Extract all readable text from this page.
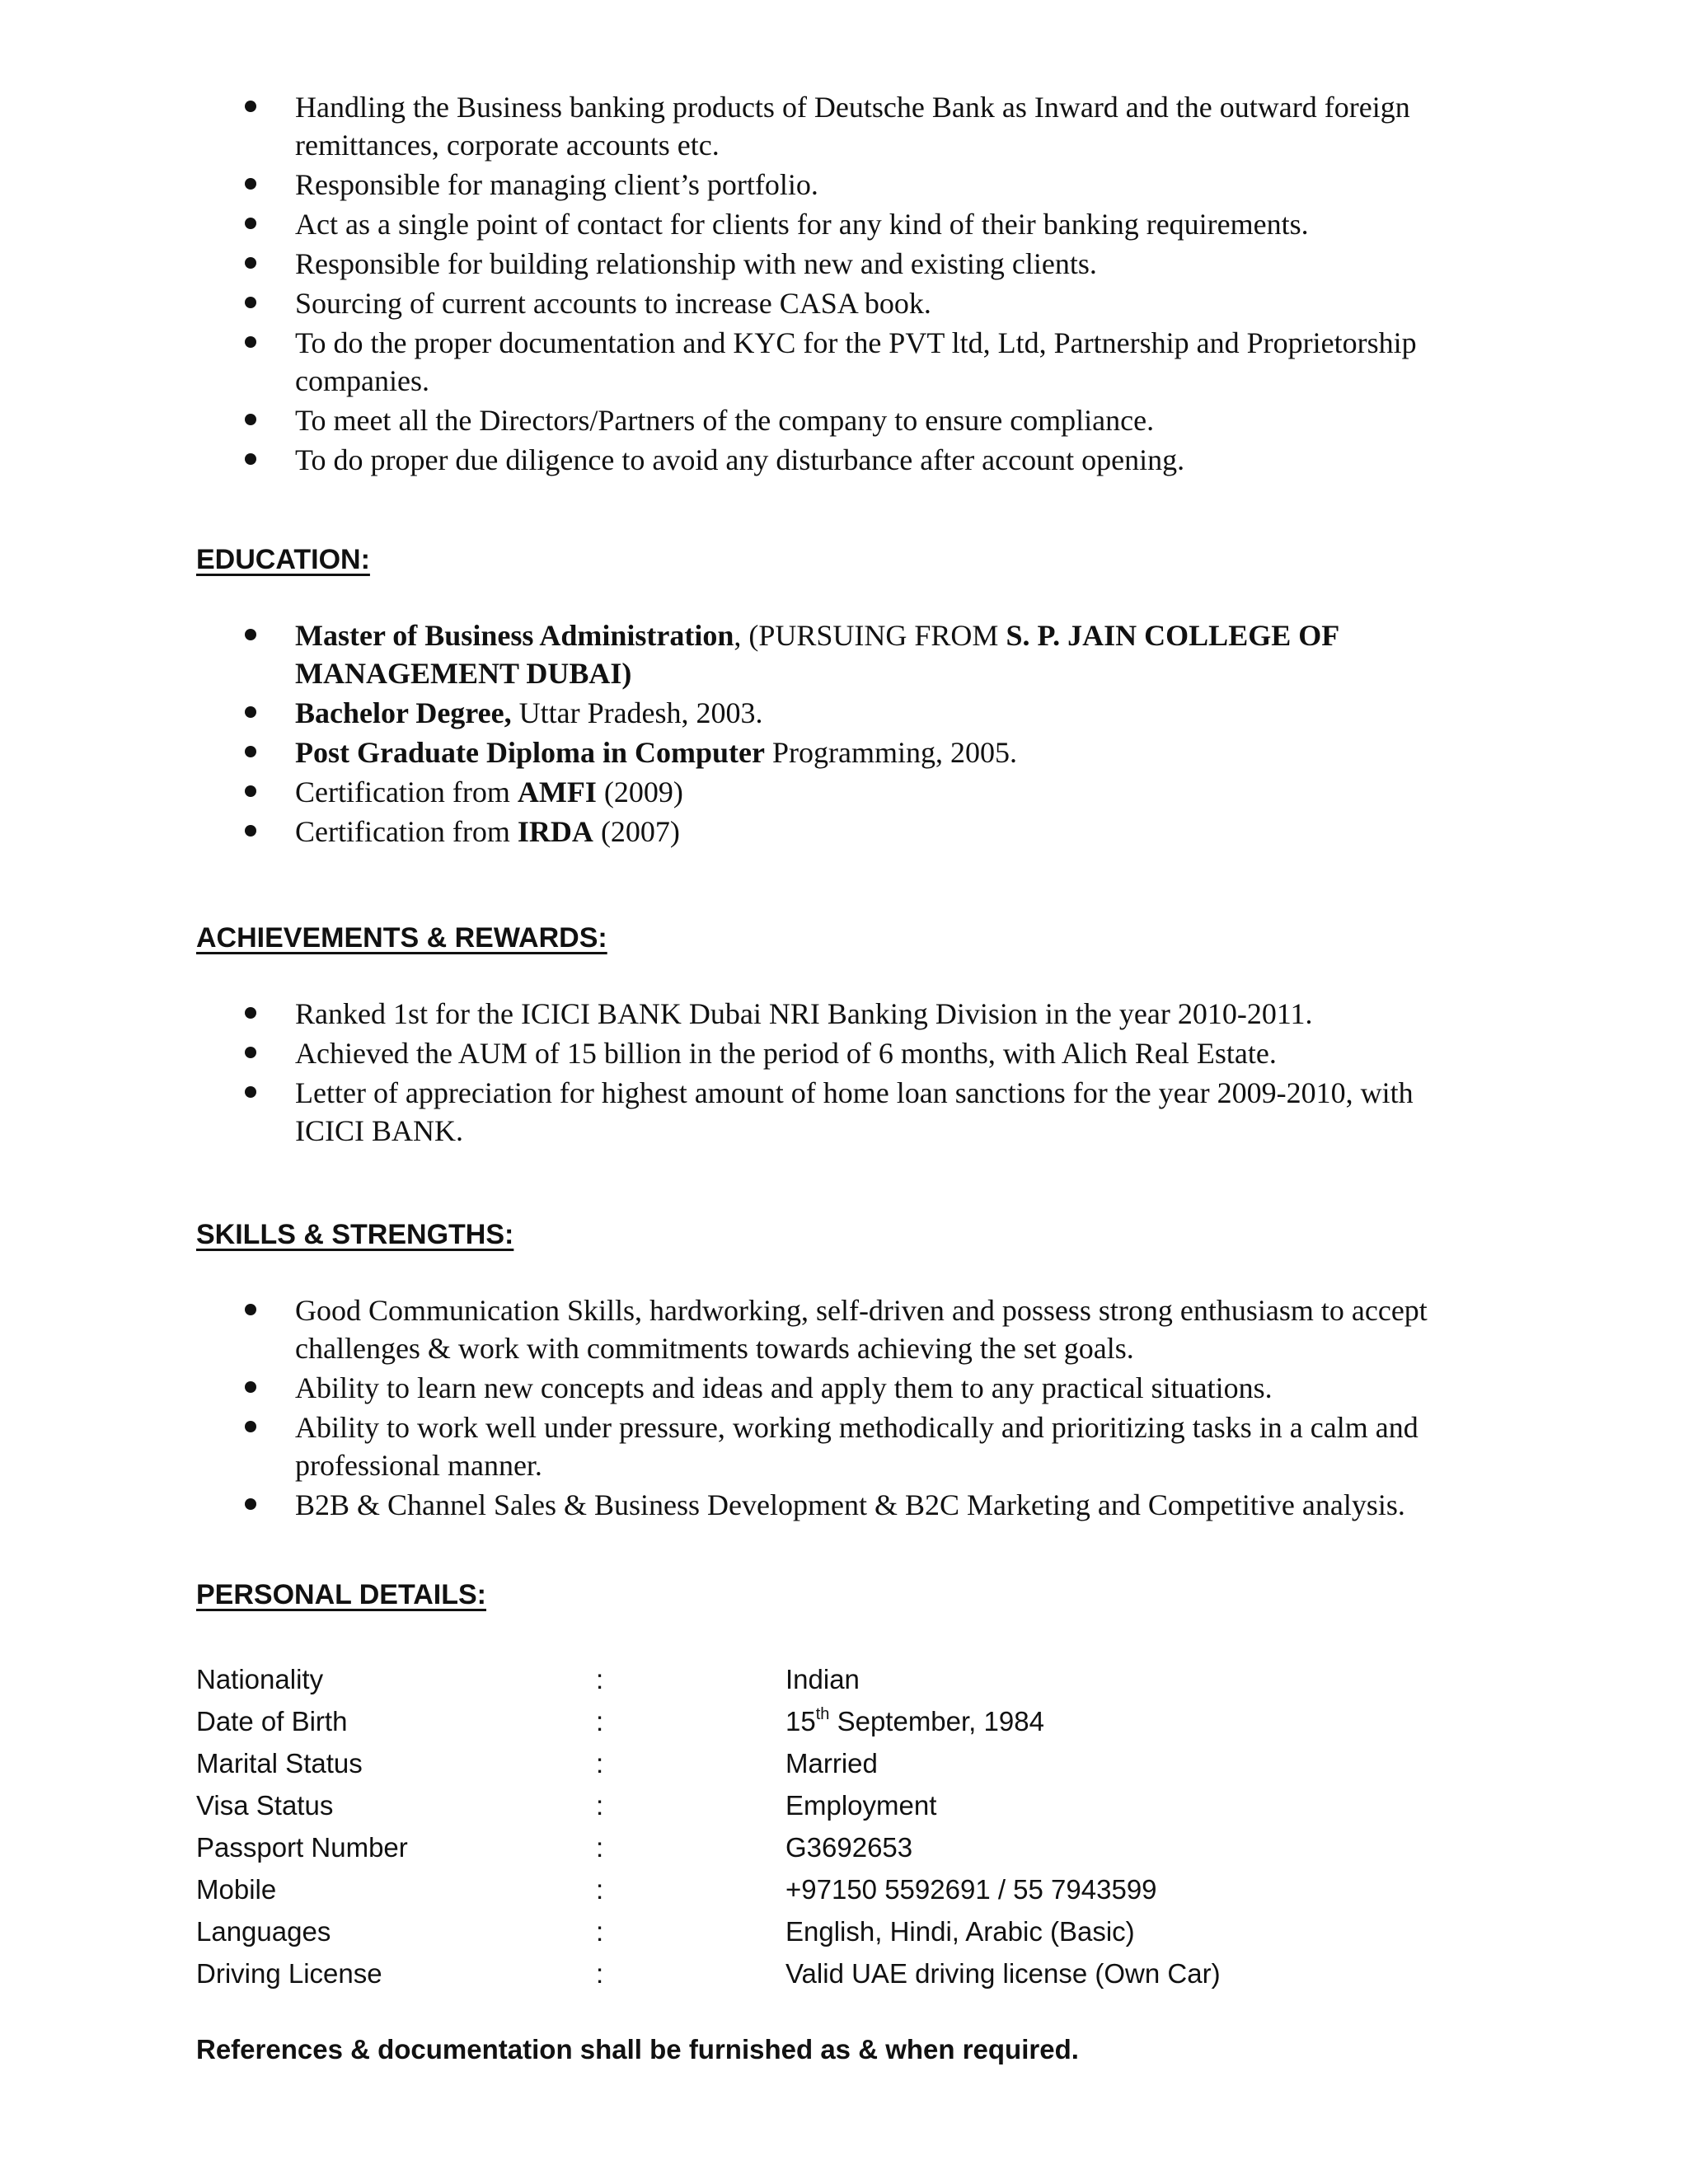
Handling the Business banking products of Deutsche Bank as Inward and the outward foreign remittances, corporate accounts etc.
Responsible for managing client’s portfolio.
Act as a single point of contact for clients for any kind of their banking requirements.
Responsible for building relationship with new and existing clients.
Sourcing of current accounts to increase CASA book.
To do the proper documentation and KYC for the PVT ltd, Ltd, Partnership and Proprietorship companies.
To meet all the Directors/Partners of the company to ensure compliance.
To do proper due diligence to avoid any disturbance after account opening.
EDUCATION:
Master of Business Administration, (PURSUING FROM S. P. JAIN COLLEGE OF MANAGEMENT DUBAI)
Bachelor Degree, Uttar Pradesh, 2003.
Post Graduate Diploma in Computer Programming, 2005.
Certification from AMFI (2009)
Certification from IRDA (2007)
ACHIEVEMENTS & REWARDS:
Ranked 1st for the ICICI BANK Dubai NRI Banking Division in the year 2010-2011.
Achieved the AUM of 15 billion in the period of 6 months, with Alich Real Estate.
Letter of appreciation for highest amount of home loan sanctions for the year 2009-2010, with ICICI BANK.
SKILLS & STRENGTHS:
Good Communication Skills, hardworking, self-driven and possess strong enthusiasm to accept challenges & work with commitments towards achieving the set goals.
Ability to learn new concepts and ideas and apply them to any practical situations.
Ability to work well under pressure, working methodically and prioritizing tasks in a calm and professional manner.
B2B & Channel Sales & Business Development & B2C Marketing and Competitive analysis.
PERSONAL DETAILS:
Nationality	:	Indian
Date of Birth	:	15th September, 1984
Marital Status	:	Married
Visa Status	:	Employment
Passport Number	:	G3692653
Mobile	:	+97150 5592691 / 55 7943599
Languages	:	English, Hindi, Arabic (Basic)
Driving License	:	Valid UAE driving license (Own Car)
References & documentation shall be furnished as & when required.
